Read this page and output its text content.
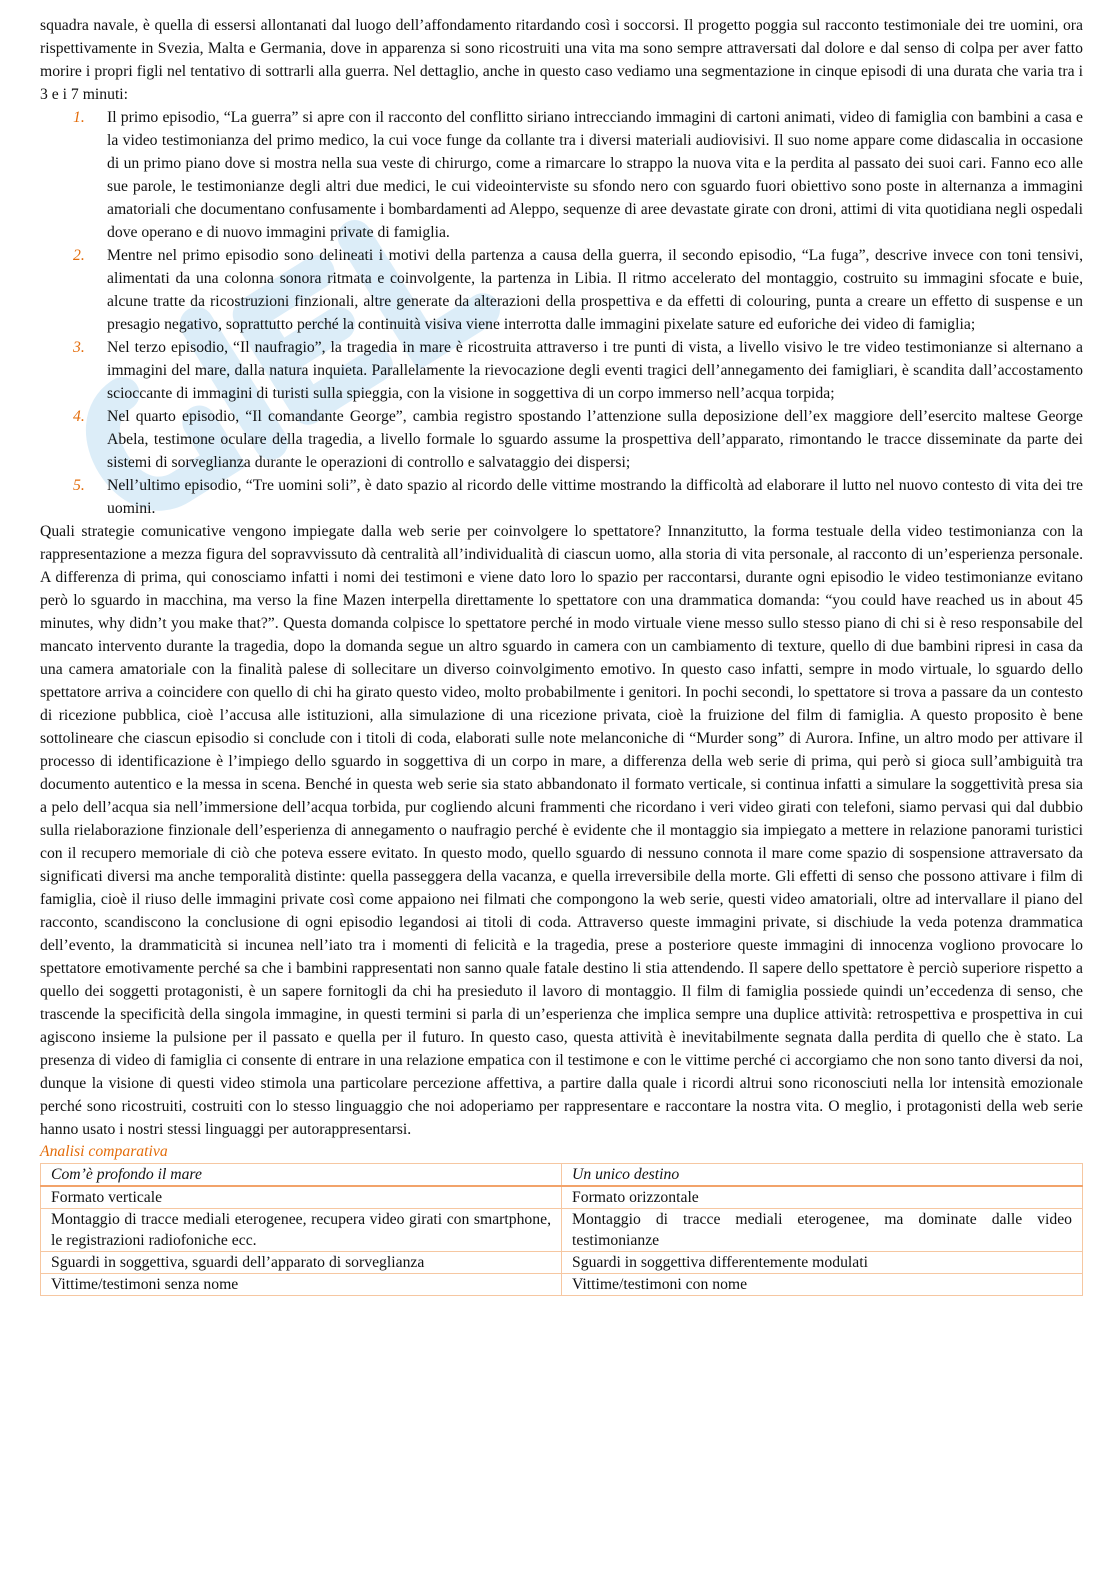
squadra navale, è quella di essersi allontanati dal luogo dell’affondamento ritardando così i soccorsi. Il progetto poggia sul racconto testimoniale dei tre uomini, ora rispettivamente in Svezia, Malta e Germania, dove in apparenza si sono ricostruiti una vita ma sono sempre attraversati dal dolore e dal senso di colpa per aver fatto morire i propri figli nel tentativo di sottrarli alla guerra. Nel dettaglio, anche in questo caso vediamo una segmentazione in cinque episodi di una durata che varia tra i 3 e i 7 minuti:

1. Il primo episodio, “La guerra” si apre con il racconto del conflitto siriano intrecciando immagini di cartoni animati, video di famiglia con bambini a casa e la video testimonianza del primo medico, la cui voce funge da collante tra i diversi materiali audiovisivi. Il suo nome appare come didascalia in occasione di un primo piano dove si mostra nella sua veste di chirurgo, come a rimarcare lo strappo la nuova vita e la perdita al passato dei suoi cari. Fanno eco alle sue parole, le testimonianze degli altri due medici, le cui videointerviste su sfondo nero con sguardo fuori obiettivo sono poste in alternanza a immagini amatoriali che documentano confusamente i bombardamenti ad Aleppo, sequenze di aree devastate girate con droni, attimi di vita quotidiana negli ospedali dove operano e di nuovo immagini private di famiglia.
2. Mentre nel primo episodio sono delineati i motivi della partenza a causa della guerra, il secondo episodio, “La fuga”, descrive invece con toni tensivi, alimentati da una colonna sonora ritmata e coinvolgente, la partenza in Libia. Il ritmo accelerato del montaggio, costruito su immagini sfocate e buie, alcune tratte da ricostruzioni finzionali, altre generate da alterazioni della prospettiva e da effetti di colouring, punta a creare un effetto di suspense e un presagio negativo, soprattutto perché la continuità visiva viene interrotta dalle immagini pixelate sature ed euforiche dei video di famiglia;
3. Nel terzo episodio, “Il naufragio”, la tragedia in mare è ricostruita attraverso i tre punti di vista, a livello visivo le tre video testimonianze si alternano a immagini del mare, dalla natura inquieta. Parallelamente la rievocazione degli eventi tragici dell’annegamento dei famigliari, è scandita dall’accostamento scioccante di immagini di turisti sulla spieggia, con la visione in soggettiva di un corpo immerso nell’acqua torpida;
4. Nel quarto episodio, “Il comandante George”, cambia registro spostando l’attenzione sulla deposizione dell’ex maggiore dell’esercito maltese George Abela, testimone oculare della tragedia, a livello formale lo sguardo assume la prospettiva dell’apparato, rimontando le tracce disseminate da parte dei sistemi di sorveglianza durante le operazioni di controllo e salvataggio dei dispersi;
5. Nell’ultimo episodio, “Tre uomini soli”, è dato spazio al ricordo delle vittime mostrando la difficoltà ad elaborare il lutto nel nuovo contesto di vita dei tre uomini.

Quali strategie comunicative vengono impiegate dalla web serie per coinvolgere lo spettatore? Innanzitutto, la forma testuale della video testimonianza con la rappresentazione a mezza figura del sopravvissuto dà centralità all’individualità di ciascun uomo, alla storia di vita personale, al racconto di un’esperienza personale. A differenza di prima, qui conosciamo infatti i nomi dei testimoni e viene dato loro lo spazio per raccontarsi, durante ogni episodio le video testimonianze evitano però lo sguardo in macchina, ma verso la fine Mazen interpella direttamente lo spettatore con una drammatica domanda: “you could have reached us in about 45 minutes, why didn’t you make that?”. Questa domanda colpisce lo spettatore perché in modo virtuale viene messo sullo stesso piano di chi si è reso responsabile del mancato intervento durante la tragedia, dopo la domanda segue un altro sguardo in camera con un cambiamento di texture, quello di due bambini ripresi in casa da una camera amatoriale con la finalità palese di sollecitare un diverso coinvolgimento emotivo. In questo caso infatti, sempre in modo virtuale, lo sguardo dello spettatore arriva a coincidere con quello di chi ha girato questo video, molto probabilmente i genitori. In pochi secondi, lo spettatore si trova a passare da un contesto di ricezione pubblica, cioè l’accusa alle istituzioni, alla simulazione di una ricezione privata, cioè la fruizione del film di famiglia. A questo proposito è bene sottolineare che ciascun episodio si conclude con i titoli di coda, elaborati sulle note melanconiche di “Murder song” di Aurora. Infine, un altro modo per attivare il processo di identificazione è l’impiego dello sguardo in soggettiva di un corpo in mare, a differenza della web serie di prima, qui però si gioca sull’ambiguità tra documento autentico e la messa in scena. Benché in questa web serie sia stato abbandonato il formato verticale, si continua infatti a simulare la soggettività presa sia a pelo dell’acqua sia nell’immersione dell’acqua torbida, pur cogliendo alcuni frammenti che ricordano i veri video girati con telefoni, siamo pervasi qui dal dubbio sulla rielaborazione finzionale dell’esperienza di annegamento o naufragio perché è evidente che il montaggio sia impiegato a mettere in relazione panorami turistici con il recupero memoriale di ciò che poteva essere evitato. In questo modo, quello sguardo di nessuno connota il mare come spazio di sospensione attraversato da significati diversi ma anche temporalità distinte: quella passeggera della vacanza, e quella irreversibile della morte. Gli effetti di senso che possono attivare i film di famiglia, cioè il riuso delle immagini private così come appaiono nei filmati che compongono la web serie, questi video amatoriali, oltre ad intervallare il piano del racconto, scandiscono la conclusione di ogni episodio legandosi ai titoli di coda. Attraverso queste immagini private, si dischiude la veda potenza drammatica dell’evento, la drammaticità si incunea nell’iato tra i momenti di felicità e la tragedia, prese a posteriore queste immagini di innocenza vogliono provocare lo spettatore emotivamente perché sa che i bambini rappresentati non sanno quale fatale destino li stia attendendo. Il sapere dello spettatore è perciò superiore rispetto a quello dei soggetti protagonisti, è un sapere fornitogli da chi ha presieduto il lavoro di montaggio. Il film di famiglia possiede quindi un’eccedenza di senso, che trascende la specificità della singola immagine, in questi termini si parla di un’esperienza che implica sempre una duplice attività: retrospettiva e prospettiva in cui agiscono insieme la pulsione per il passato e quella per il futuro. In questo caso, questa attività è inevitabilmente segnata dalla perdita di quello che è stato. La presenza di video di famiglia ci consente di entrare in una relazione empatica con il testimone e con le vittime perché ci accorgiamo che non sono tanto diversi da noi, dunque la visione di questi video stimola una particolare percezione affettiva, a partire dalla quale i ricordi altrui sono riconosciuti nella lor intensità emozionale perché sono ricostruiti, costruiti con lo stesso linguaggio che noi adoperiamo per rappresentare e raccontare la nostra vita. O meglio, i protagonisti della web serie hanno usato i nostri stessi linguaggi per autorappresentarsi.

Analisi comparativa

Com’è profondo il mare	Un unico destino
Formato verticale	Formato orizzontale
Montaggio di tracce mediali eterogenee, recupera video girati con smartphone, le registrazioni radiofoniche ecc.	Montaggio di tracce mediali eterogenee, ma dominate dalle video testimonianze
Sguardi in soggettiva, sguardi dell’apparato di sorveglianza	Sguardi in soggettiva differentemente modulati
Vittime/testimoni senza nome	Vittime/testimoni con nome
